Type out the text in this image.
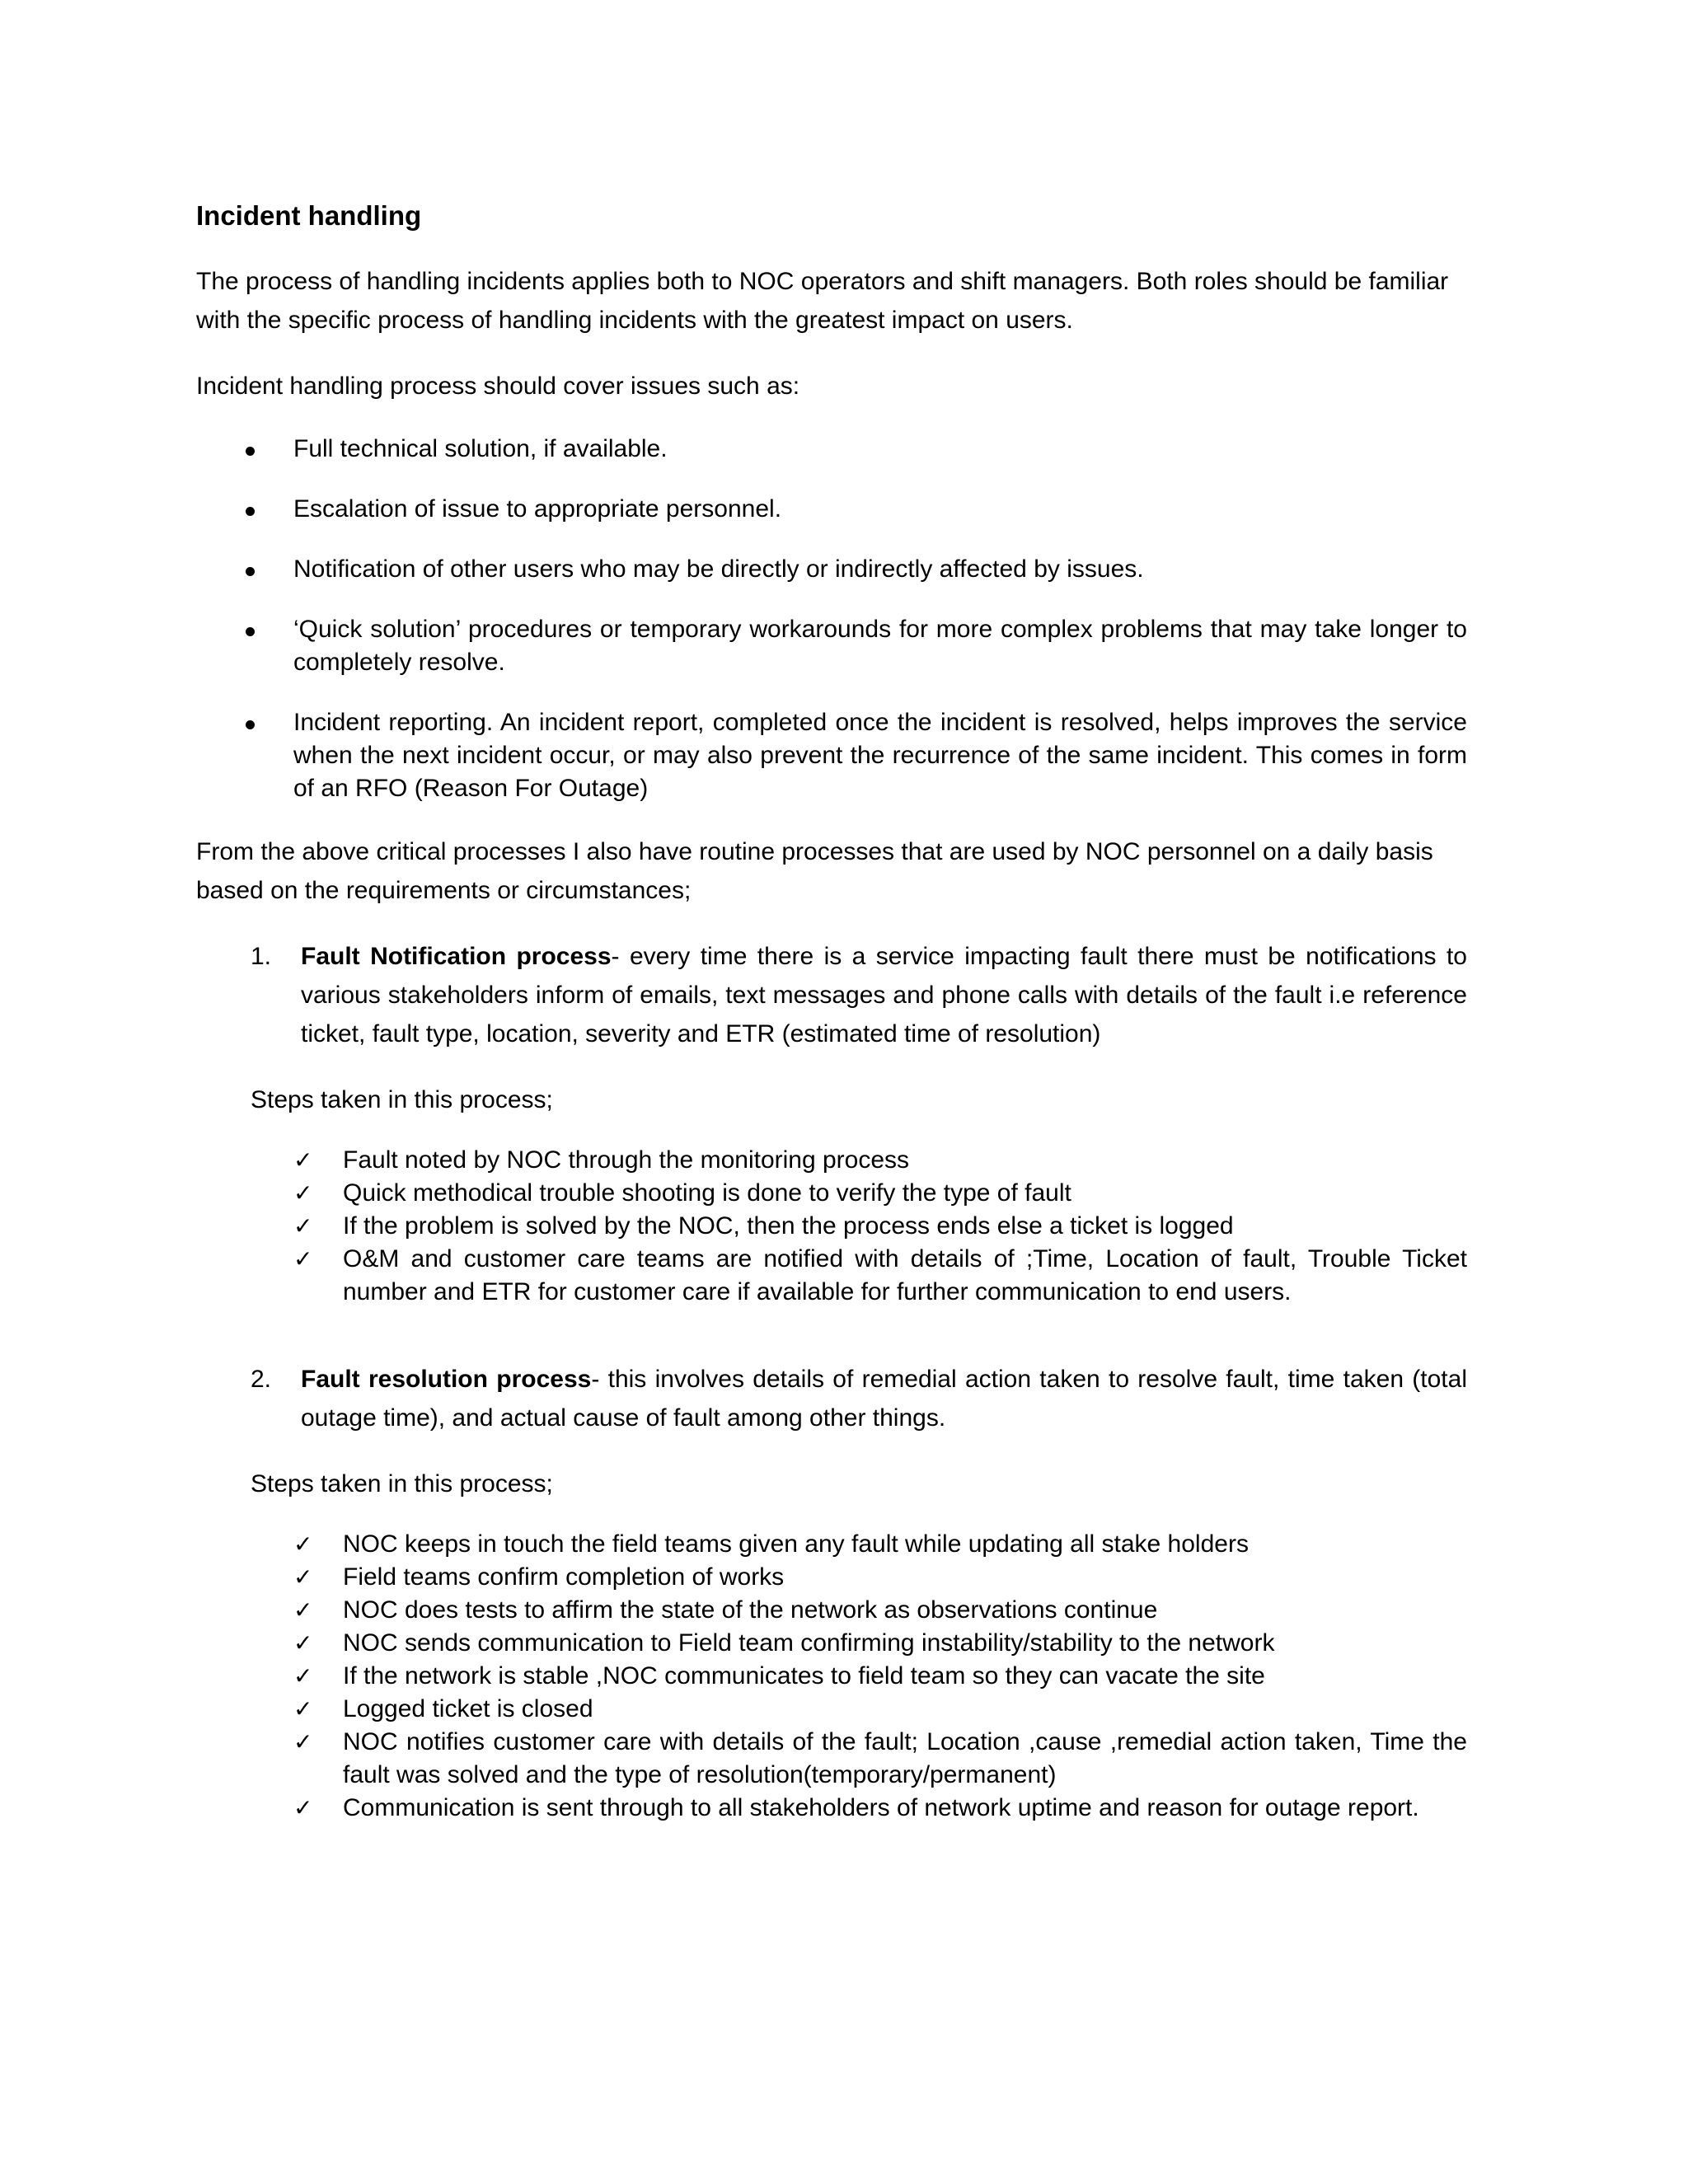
Incident handling

The process of handling incidents applies both to NOC operators and shift managers. Both roles should be familiar with the specific process of handling incidents with the greatest impact on users.

Incident handling process should cover issues such as:

Full technical solution, if available.
Escalation of issue to appropriate personnel.
Notification of other users who may be directly or indirectly affected by issues.
‘Quick solution’ procedures or temporary workarounds for more complex problems that may take longer to completely resolve.
Incident reporting. An incident report, completed once the incident is resolved, helps improves the service when the next incident occur, or may also prevent the recurrence of the same incident. This comes in form of an RFO (Reason For Outage)

From the above critical processes I also have routine processes that are used by NOC personnel on a daily basis based on the requirements or circumstances;

1. Fault Notification process- every time there is a service impacting fault there must be notifications to various stakeholders inform of emails, text messages and phone calls with details of the fault i.e reference ticket, fault type, location, severity and ETR (estimated time of resolution)

Steps taken in this process;

✓ Fault noted by NOC through the monitoring process
✓ Quick methodical trouble shooting is done to verify the type of fault
✓ If the problem is solved by the NOC, then the process ends else a ticket is logged
✓ O&M and customer care teams are notified with details of ;Time, Location of fault, Trouble Ticket number and ETR for customer care if available for further communication to end users.
2. Fault resolution process- this involves details of remedial action taken to resolve fault, time taken (total outage time), and actual cause of fault among other things.

Steps taken in this process;

✓ NOC keeps in touch the field teams given any fault while updating all stake holders
✓ Field teams confirm completion of works
✓ NOC does tests to affirm the state of the network as observations continue
✓ NOC sends communication to Field team confirming instability/stability to the network
✓ If the network is stable ,NOC communicates to field team so they can vacate the site
✓ Logged ticket is closed
✓ NOC notifies customer care with details of the fault; Location ,cause ,remedial action taken, Time the fault was solved and the type of resolution(temporary/permanent)
✓ Communication is sent through to all stakeholders of network uptime and reason for outage report.
